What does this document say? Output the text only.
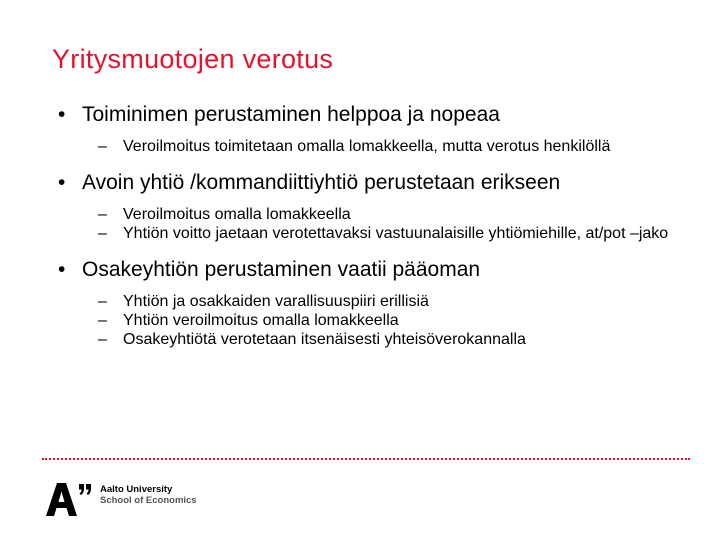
Yritysmuotojen verotus
• Toiminimen perustaminen helppoa ja nopeaa
– Veroilmoitus toimitetaan omalla lomakkeella, mutta verotus henkilöllä
• Avoin yhtiö /kommandiittiyhtiö perustetaan erikseen
– Veroilmoitus omalla lomakkeella
– Yhtiön voitto jaetaan verotettavaksi vastuunalaisille yhtiömiehille, at/pot –jako
• Osakeyhtiön perustaminen vaatii pääoman
– Yhtiön ja osakkaiden varallisuuspiiri erillisiä
– Yhtiön veroilmoitus omalla lomakkeella
– Osakeyhtiötä verotetaan itsenäisesti yhteisöverokannalla
Aalto University
School of Economics
